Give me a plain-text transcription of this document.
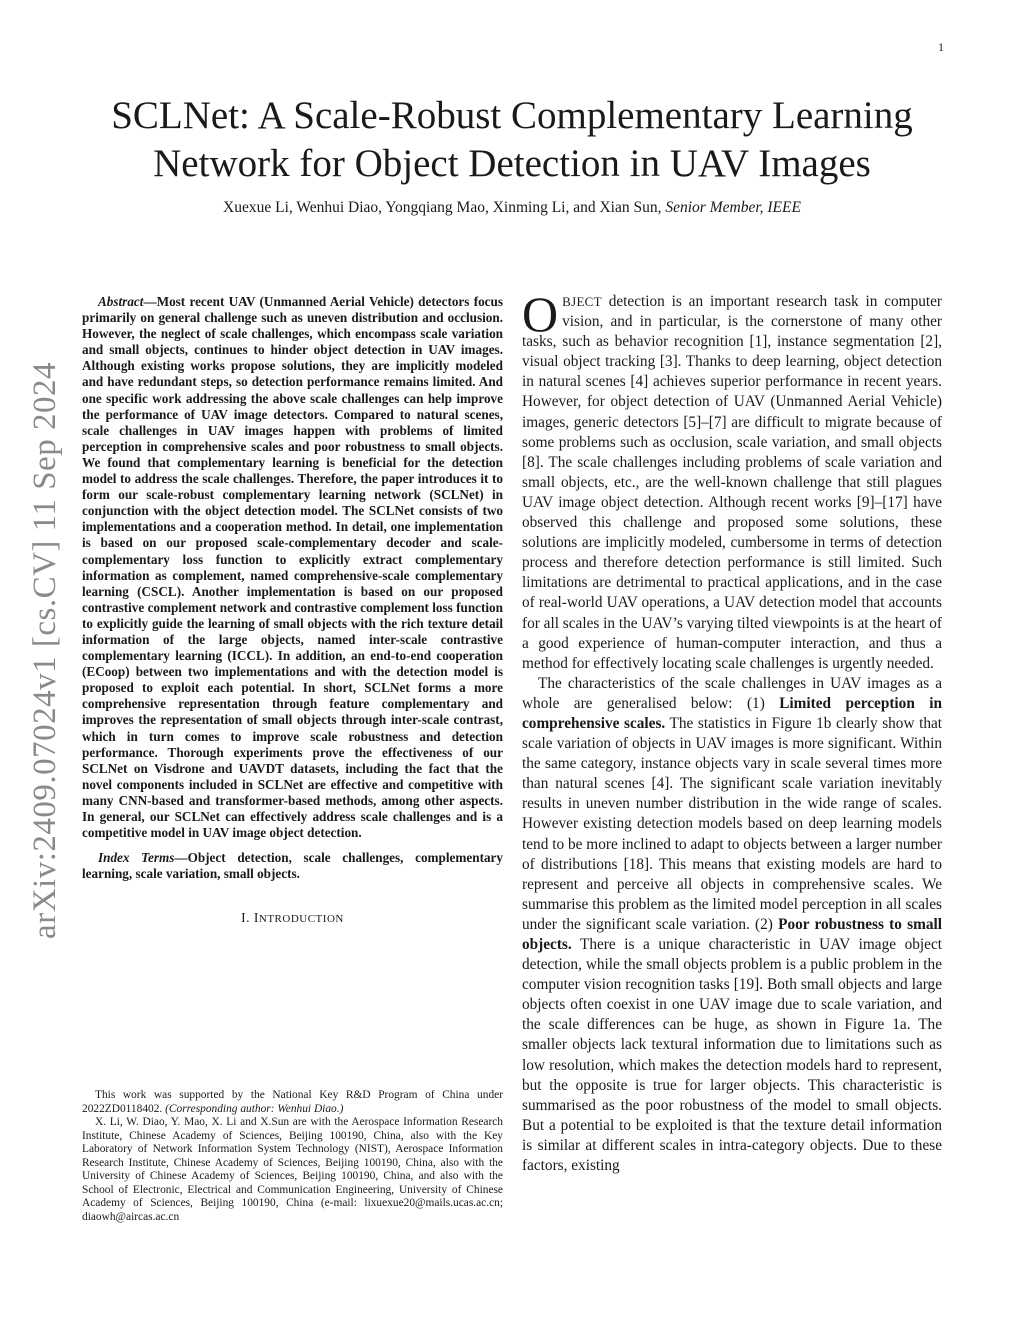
1
arXiv:2409.07024v1 [cs.CV] 11 Sep 2024
SCLNet: A Scale-Robust Complementary Learning Network for Object Detection in UAV Images
Xuexue Li, Wenhui Diao, Yongqiang Mao, Xinming Li, and Xian Sun, Senior Member, IEEE

Abstract—Most recent UAV (Unmanned Aerial Vehicle) detectors focus primarily on general challenge such as uneven distribution and occlusion. However, the neglect of scale challenges, which encompass scale variation and small objects, continues to hinder object detection in UAV images. Although existing works propose solutions, they are implicitly modeled and have redundant steps, so detection performance remains limited. And one specific work addressing the above scale challenges can help improve the performance of UAV image detectors. Compared to natural scenes, scale challenges in UAV images happen with problems of limited perception in comprehensive scales and poor robustness to small objects. We found that complementary learning is beneficial for the detection model to address the scale challenges. Therefore, the paper introduces it to form our scale-robust complementary learning network (SCLNet) in conjunction with the object detection model. The SCLNet consists of two implementations and a cooperation method. In detail, one implementation is based on our proposed scale-complementary decoder and scale-complementary loss function to explicitly extract complementary information as complement, named comprehensive-scale complementary learning (CSCL). Another implementation is based on our proposed contrastive complement network and contrastive complement loss function to explicitly guide the learning of small objects with the rich texture detail information of the large objects, named inter-scale contrastive complementary learning (ICCL). In addition, an end-to-end cooperation (ECoop) between two implementations and with the detection model is proposed to exploit each potential. In short, SCLNet forms a more comprehensive representation through feature complementary and improves the representation of small objects through inter-scale contrast, which in turn comes to improve scale robustness and detection performance. Thorough experiments prove the effectiveness of our SCLNet on Visdrone and UAVDT datasets, including the fact that the novel components included in SCLNet are effective and competitive with many CNN-based and transformer-based methods, among other aspects. In general, our SCLNet can effectively address scale challenges and is a competitive model in UAV image object detection.

Index Terms—Object detection, scale challenges, complementary learning, scale variation, small objects.

I. INTRODUCTION

This work was supported by the National Key R&D Program of China under 2022ZD0118402. (Corresponding author: Wenhui Diao.)

X. Li, W. Diao, Y. Mao, X. Li and X.Sun are with the Aerospace Information Research Institute, Chinese Academy of Sciences, Beijing 100190, China, also with the Key Laboratory of Network Information System Technology (NIST), Aerospace Information Research Institute, Chinese Academy of Sciences, Beijing 100190, China, also with the University of Chinese Academy of Sciences, Beijing 100190, China, and also with the School of Electronic, Electrical and Communication Engineering, University of Chinese Academy of Sciences, Beijing 100190, China (e-mail: lixuexue20@mails.ucas.ac.cn; diaowh@aircas.ac.cn

OBJECT detection is an important research task in computer vision, and in particular, is the cornerstone of many other tasks, such as behavior recognition [1], instance segmentation [2], visual object tracking [3]. Thanks to deep learning, object detection in natural scenes [4] achieves superior performance in recent years. However, for object detection of UAV (Unmanned Aerial Vehicle) images, generic detectors [5]–[7] are difficult to migrate because of some problems such as occlusion, scale variation, and small objects [8]. The scale challenges including problems of scale variation and small objects, etc., are the well-known challenge that still plagues UAV image object detection. Although recent works [9]–[17] have observed this challenge and proposed some solutions, these solutions are implicitly modeled, cumbersome in terms of detection process and therefore detection performance is still limited. Such limitations are detrimental to practical applications, and in the case of real-world UAV operations, a UAV detection model that accounts for all scales in the UAV’s varying tilted viewpoints is at the heart of a good experience of human-computer interaction, and thus a method for effectively locating scale challenges is urgently needed.

The characteristics of the scale challenges in UAV images as a whole are generalised below: (1) Limited perception in comprehensive scales. The statistics in Figure 1b clearly show that scale variation of objects in UAV images is more significant. Within the same category, instance objects vary in scale several times more than natural scenes [4]. The significant scale variation inevitably results in uneven number distribution in the wide range of scales. However existing detection models based on deep learning models tend to be more inclined to adapt to objects between a larger number of distributions [18]. This means that existing models are hard to represent and perceive all objects in comprehensive scales. We summarise this problem as the limited model perception in all scales under the significant scale variation. (2) Poor robustness to small objects. There is a unique characteristic in UAV image object detection, while the small objects problem is a public problem in the computer vision recognition tasks [19]. Both small objects and large objects often coexist in one UAV image due to scale variation, and the scale differences can be huge, as shown in Figure 1a. The smaller objects lack textural information due to limitations such as low resolution, which makes the detection models hard to represent, but the opposite is true for larger objects. This characteristic is summarised as the poor robustness of the model to small objects. But a potential to be exploited is that the texture detail information is similar at different scales in intra-category objects. Due to these factors, existing
